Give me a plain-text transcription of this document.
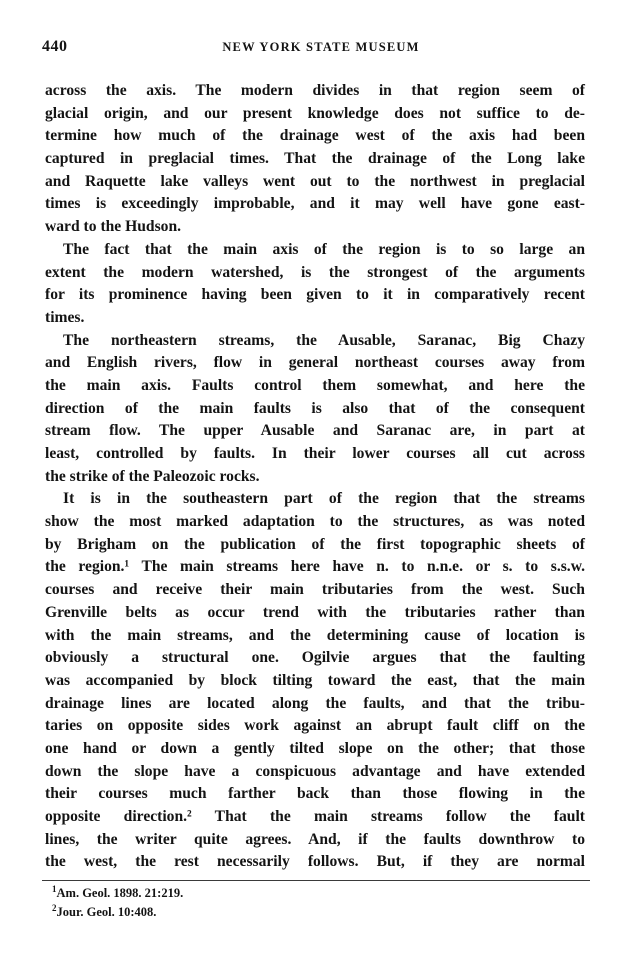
440	NEW YORK STATE MUSEUM
across the axis. The modern divides in that region seem of
glacial origin, and our present knowledge does not suffice to de-
termine how much of the drainage west of the axis had been
captured in preglacial times. That the drainage of the Long lake
and Raquette lake valleys went out to the northwest in preglacial
times is exceedingly improbable, and it may well have gone east-
ward to the Hudson.
The fact that the main axis of the region is to so large an
extent the modern watershed, is the strongest of the arguments
for its prominence having been given to it in comparatively recent
times.
The northeastern streams, the Ausable, Saranac, Big Chazy
and English rivers, flow in general northeast courses away from
the main axis. Faults control them somewhat, and here the
direction of the main faults is also that of the consequent
stream flow. The upper Ausable and Saranac are, in part at
least, controlled by faults. In their lower courses all cut across
the strike of the Paleozoic rocks.
It is in the southeastern part of the region that the streams
show the most marked adaptation to the structures, as was noted
by Brigham on the publication of the first topographic sheets of
the region.¹ The main streams here have n. to n.n.e. or s. to s.s.w.
courses and receive their main tributaries from the west. Such
Grenville belts as occur trend with the tributaries rather than
with the main streams, and the determining cause of location is
obviously a structural one. Ogilvie argues that the faulting
was accompanied by block tilting toward the east, that the main
drainage lines are located along the faults, and that the tribu-
taries on opposite sides work against an abrupt fault cliff on the
one hand or down a gently tilted slope on the other; that those
down the slope have a conspicuous advantage and have extended
their courses much farther back than those flowing in the
opposite direction.² That the main streams follow the fault
lines, the writer quite agrees. And, if the faults downthrow to
the west, the rest necessarily follows. But, if they are normal
$^1$Am. Geol. 1898. 21:219.
$^2$Jour. Geol. 10:408.
